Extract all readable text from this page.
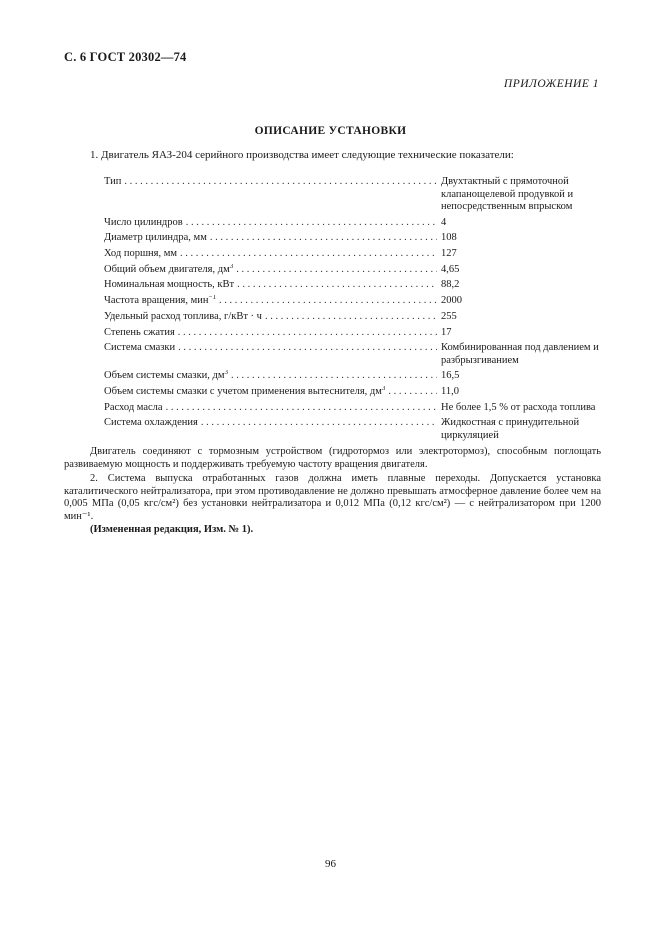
С. 6 ГОСТ 20302—74
ПРИЛОЖЕНИЕ 1
ОПИСАНИЕ УСТАНОВКИ
1. Двигатель ЯАЗ-204 серийного производства имеет следующие технические показатели:
Тип . . .	Двухтактный с прямоточной клапанощелевой продувкой и непосредственным впрыском
Число цилиндров . . .	4
Диаметр цилиндра, мм . . .	108
Ход поршня, мм . . .	127
Общий объем двигателя, $дм^3$ . . .	4,65
Номинальная мощность, кВт . . .	88,2
Частота вращения, мин$^{-1}$ . . .	2000
Удельный расход топлива, г/кВт · ч . . .	255
Степень сжатия . . .	17
Система смазки . . .	Комбинированная под давлением и разбрызгиванием
Объем системы смазки, $дм^3$ . . .	16,5
Объем системы смазки с учетом применения вытеснителя, $дм^3$ . . .	11,0
Расход масла . . .	Не более 1,5 % от расхода топлива
Система охлаждения . . .	Жидкостная с принудительной циркуляцией
Двигатель соединяют с тормозным устройством (гидротормоз или электротормоз), способным поглощать развиваемую мощность и поддерживать требуемую частоту вращения двигателя.
2. Система выпуска отработанных газов должна иметь плавные переходы. Допускается установка каталитического нейтрализатора, при этом противодавление не должно превышать атмосферное давление более чем на 0,005 МПа (0,05 кгс/см²) без установки нейтрализатора и 0,012 МПа (0,12 кгс/см²) — с нейтрализатором при 1200 мин⁻¹.
(Измененная редакция, Изм. № 1).
96
